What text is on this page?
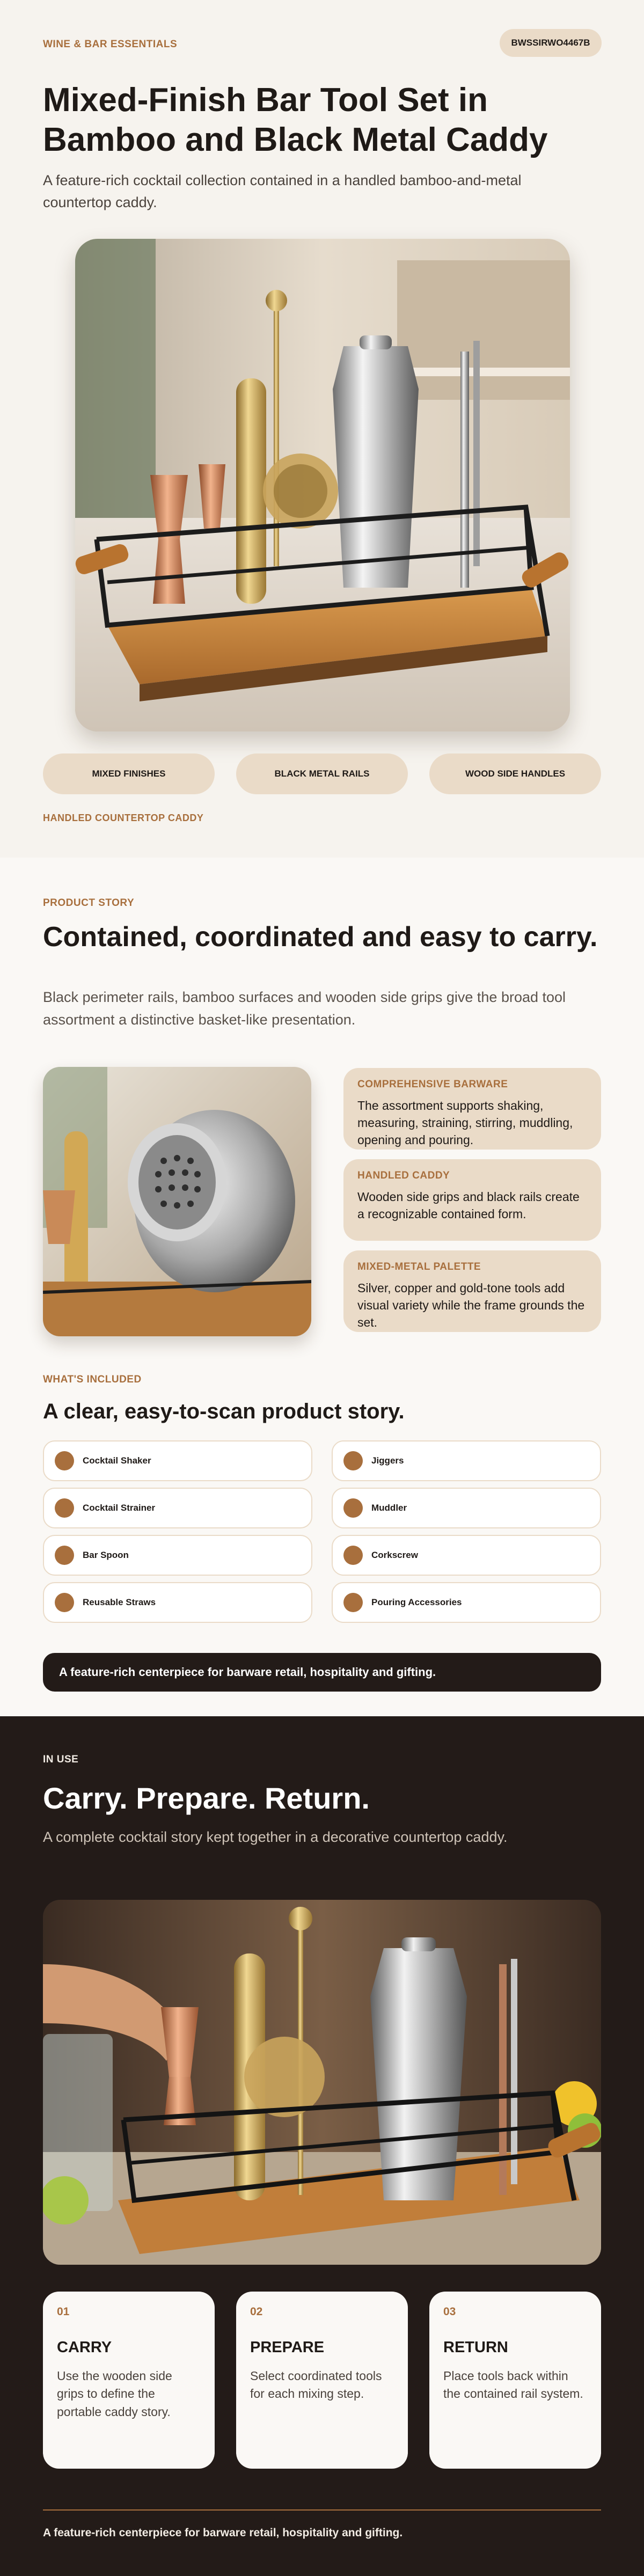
WINE & BAR ESSENTIALS	BWSSIRWO4467B
Mixed-Finish Bar Tool Set in Bamboo and Black Metal Caddy
A feature-rich cocktail collection contained in a handled bamboo-and-metal countertop caddy.
MIXED FINISHES	BLACK METAL RAILS	WOOD SIDE HANDLES
HANDLED COUNTERTOP CADDY
PRODUCT STORY
Contained, coordinated and easy to carry.
Black perimeter rails, bamboo surfaces and wooden side grips give the broad tool assortment a distinctive basket-like presentation.
COMPREHENSIVE BARWARE
The assortment supports shaking, measuring, straining, stirring, muddling, opening and pouring.
HANDLED CADDY
Wooden side grips and black rails create a recognizable contained form.
MIXED-METAL PALETTE
Silver, copper and gold-tone tools add visual variety while the frame grounds the set.
WHAT'S INCLUDED
A clear, easy-to-scan product story.
Cocktail Shaker	Jiggers
Cocktail Strainer	Muddler
Bar Spoon	Corkscrew
Reusable Straws	Pouring Accessories
A feature-rich centerpiece for barware retail, hospitality and gifting.
IN USE
Carry. Prepare. Return.
A complete cocktail story kept together in a decorative countertop caddy.
01
CARRY
Use the wooden side grips to define the portable caddy story.
02
PREPARE
Select coordinated tools for each mixing step.
03
RETURN
Place tools back within the contained rail system.
A feature-rich centerpiece for barware retail, hospitality and gifting.
